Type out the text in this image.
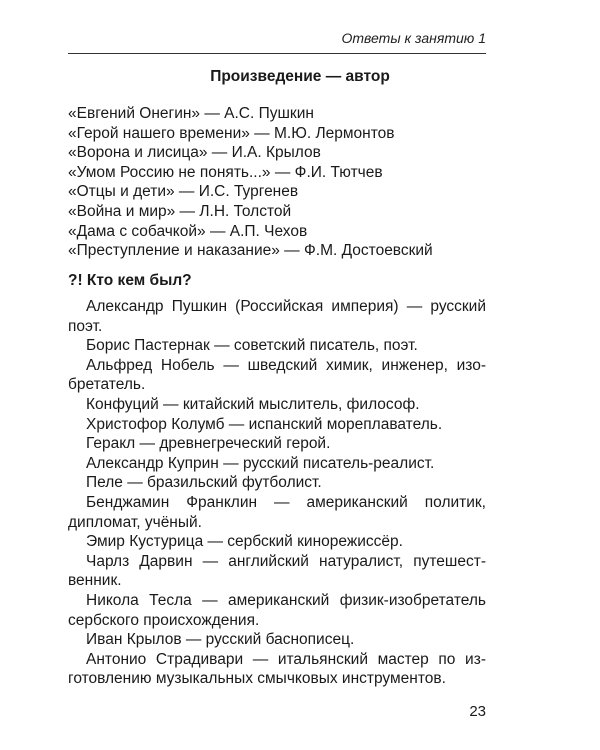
Ответы к занятию 1
Произведение — автор
«Евгений Онегин» — А.С. Пушкин
«Герой нашего времени» — М.Ю. Лермонтов
«Ворона и лисица» — И.А. Крылов
«Умом Россию не понять...» — Ф.И. Тютчев
«Отцы и дети» — И.С. Тургенев
«Война и мир» — Л.Н. Толстой
«Дама с собачкой» — А.П. Чехов
«Преступление и наказание» — Ф.М. Достоевский
?! Кто кем был?
Александр Пушкин (Российская империя) — русский поэт.
Борис Пастернак — советский писатель, поэт.
Альфред Нобель — шведский химик, инженер, изобретатель.
Конфуций — китайский мыслитель, философ.
Христофор Колумб — испанский мореплаватель.
Геракл — древнегреческий герой.
Александр Куприн — русский писатель-реалист.
Пеле — бразильский футболист.
Бенджамин Франклин — американский политик, дипломат, учёный.
Эмир Кустурица — сербский кинорежиссёр.
Чарлз Дарвин — английский натуралист, путешественник.
Никола Тесла — американский физик-изобретатель сербского происхождения.
Иван Крылов — русский баснописец.
Антонио Страдивари — итальянский мастер по изготовлению музыкальных смычковых инструментов.
23
